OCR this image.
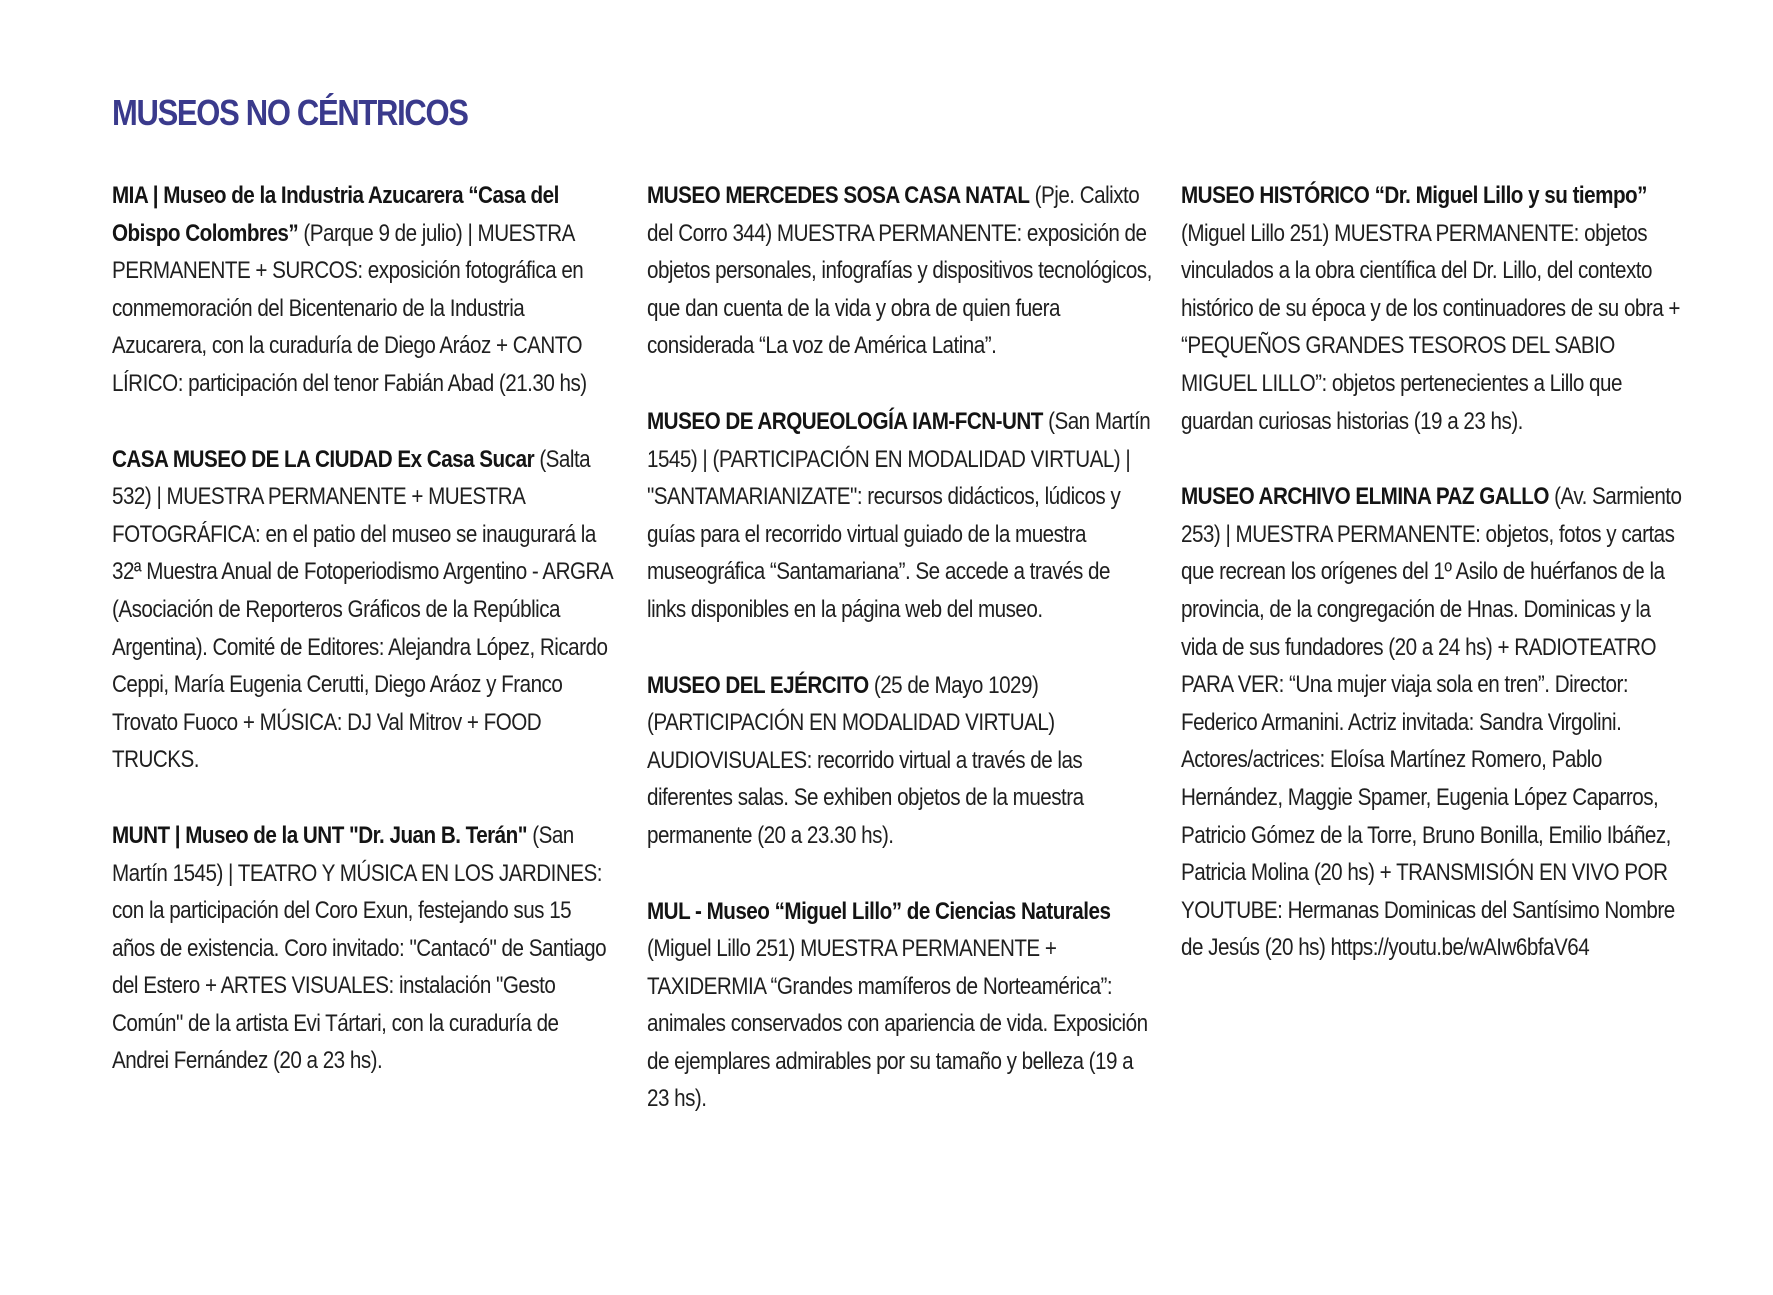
MUSEOS NO CÉNTRICOS

MIA | Museo de la Industria Azucarera “Casa del Obispo Colombres” (Parque 9 de julio) | MUESTRA PERMANENTE + SURCOS: exposición fotográfica en conmemoración del Bicentenario de la Industria Azucarera, con la curaduría de Diego Aráoz + CANTO LÍRICO: participación del tenor Fabián Abad (21.30 hs)

CASA MUSEO DE LA CIUDAD Ex Casa Sucar (Salta 532) | MUESTRA PERMANENTE + MUESTRA FOTOGRÁFICA: en el patio del museo se inaugurará la 32ª Muestra Anual de Fotoperiodismo Argentino - ARGRA (Asociación de Reporteros Gráficos de la República Argentina). Comité de Editores: Alejandra López, Ricardo Ceppi, María Eugenia Cerutti, Diego Aráoz y Franco Trovato Fuoco + MÚSICA: DJ Val Mitrov + FOOD TRUCKS.

MUNT | Museo de la UNT "Dr. Juan B. Terán" (San Martín 1545) | TEATRO Y MÚSICA EN LOS JARDINES: con la participación del Coro Exun, festejando sus 15 años de existencia. Coro invitado: "Cantacó" de Santiago del Estero + ARTES VISUALES: instalación "Gesto Común" de la artista Evi Tártari, con la curaduría de Andrei Fernández (20 a 23 hs).

MUSEO MERCEDES SOSA CASA NATAL (Pje. Calixto del Corro 344) MUESTRA PERMANENTE: exposición de objetos personales, infografías y dispositivos tecnológicos, que dan cuenta de la vida y obra de quien fuera considerada “La voz de América Latina”.

MUSEO DE ARQUEOLOGÍA IAM-FCN-UNT (San Martín 1545) | (PARTICIPACIÓN EN MODALIDAD VIRTUAL) | "SANTAMARIANIZATE": recursos didácticos, lúdicos y guías para el recorrido virtual guiado de la muestra museográfica “Santamariana”. Se accede a través de links disponibles en la página web del museo.

MUSEO DEL EJÉRCITO (25 de Mayo 1029) (PARTICIPACIÓN EN MODALIDAD VIRTUAL) AUDIOVISUALES: recorrido virtual a través de las diferentes salas. Se exhiben objetos de la muestra permanente (20 a 23.30 hs).

MUL - Museo “Miguel Lillo” de Ciencias Naturales (Miguel Lillo 251) MUESTRA PERMANENTE + TAXIDERMIA “Grandes mamíferos de Norteamérica”: animales conservados con apariencia de vida. Exposición de ejemplares admirables por su tamaño y belleza (19 a 23 hs).

MUSEO HISTÓRICO “Dr. Miguel Lillo y su tiempo” (Miguel Lillo 251) MUESTRA PERMANENTE: objetos vinculados a la obra científica del Dr. Lillo, del contexto histórico de su época y de los continuadores de su obra + “PEQUEÑOS GRANDES TESOROS DEL SABIO MIGUEL LILLO”: objetos pertenecientes a Lillo que guardan curiosas historias (19 a 23 hs).

MUSEO ARCHIVO ELMINA PAZ GALLO (Av. Sarmiento 253) | MUESTRA PERMANENTE: objetos, fotos y cartas que recrean los orígenes del 1º Asilo de huérfanos de la provincia, de la congregación de Hnas. Dominicas y la vida de sus fundadores (20 a 24 hs) + RADIOTEATRO PARA VER: “Una mujer viaja sola en tren”. Director: Federico Armanini. Actriz invitada: Sandra Virgolini. Actores/actrices: Eloísa Martínez Romero, Pablo Hernández, Maggie Spamer, Eugenia López Caparros, Patricio Gómez de la Torre, Bruno Bonilla, Emilio Ibáñez, Patricia Molina (20 hs) + TRANSMISIÓN EN VIVO POR YOUTUBE: Hermanas Dominicas del Santísimo Nombre de Jesús (20 hs) https://youtu.be/wAIw6bfaV64
